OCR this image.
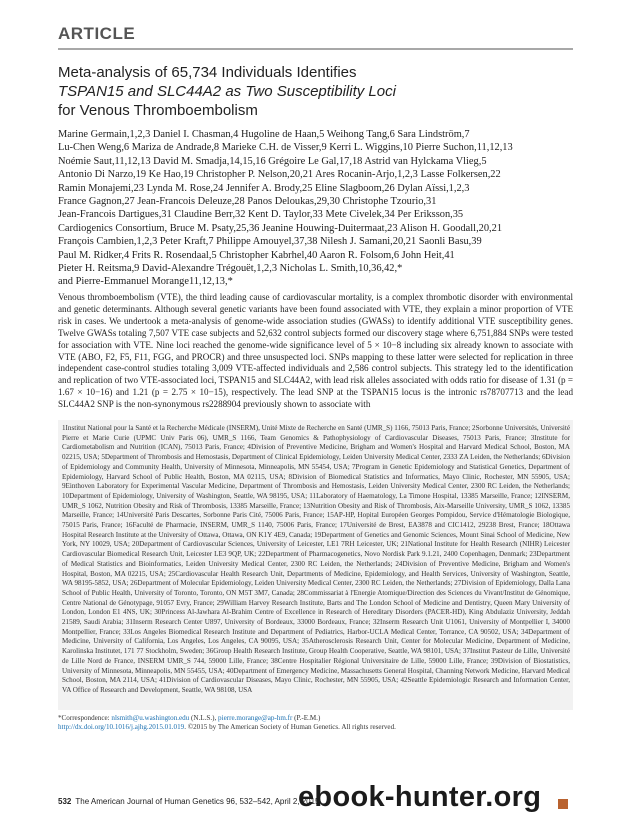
ARTICLE
Meta-analysis of 65,734 Individuals Identifies
TSPAN15 and SLC44A2 as Two Susceptibility Loci
for Venous Thromboembolism
Marine Germain,1,2,3 Daniel I. Chasman,4 Hugoline de Haan,5 Weihong Tang,6 Sara Lindström,7
Lu-Chen Weng,6 Mariza de Andrade,8 Marieke C.H. de Visser,9 Kerri L. Wiggins,10 Pierre Suchon,11,12,13
Noémie Saut,11,12,13 David M. Smadja,14,15,16 Grégoire Le Gal,17,18 Astrid van Hylckama Vlieg,5
Antonio Di Narzo,19 Ke Hao,19 Christopher P. Nelson,20,21 Ares Rocanin-Arjo,1,2,3 Lasse Folkersen,22
Ramin Monajemi,23 Lynda M. Rose,24 Jennifer A. Brody,25 Eline Slagboom,26 Dylan Aïssi,1,2,3
France Gagnon,27 Jean-Francois Deleuze,28 Panos Deloukas,29,30 Christophe Tzourio,31
Jean-Francois Dartigues,31 Claudine Berr,32 Kent D. Taylor,33 Mete Civelek,34 Per Eriksson,35
Cardiogenics Consortium, Bruce M. Psaty,25,36 Jeanine Houwing-Duitermaat,23 Alison H. Goodall,20,21
François Cambien,1,2,3 Peter Kraft,7 Philippe Amouyel,37,38 Nilesh J. Samani,20,21 Saonli Basu,39
Paul M. Ridker,4 Frits R. Rosendaal,5 Christopher Kabrhel,40 Aaron R. Folsom,6 John Heit,41
Pieter H. Reitsma,9 David-Alexandre Trégouët,1,2,3 Nicholas L. Smith,10,36,42,*
and Pierre-Emmanuel Morange11,12,13,*
Venous thromboembolism (VTE), the third leading cause of cardiovascular mortality, is a complex thrombotic disorder with environmental and genetic determinants. Although several genetic variants have been found associated with VTE, they explain a minor proportion of VTE risk in cases. We undertook a meta-analysis of genome-wide association studies (GWASs) to identify additional VTE susceptibility genes. Twelve GWASs totaling 7,507 VTE case subjects and 52,632 control subjects formed our discovery stage where 6,751,884 SNPs were tested for association with VTE. Nine loci reached the genome-wide significance level of 5 × 10−8 including six already known to associate with VTE (ABO, F2, F5, F11, FGG, and PROCR) and three unsuspected loci. SNPs mapping to these latter were selected for replication in three independent case-control studies totaling 3,009 VTE-affected individuals and 2,586 control subjects. This strategy led to the identification and replication of two VTE-associated loci, TSPAN15 and SLC44A2, with lead risk alleles associated with odds ratio for disease of 1.31 (p = 1.67 × 10−16) and 1.21 (p = 2.75 × 10−15), respectively. The lead SNP at the TSPAN15 locus is the intronic rs78707713 and the lead SLC44A2 SNP is the non-synonymous rs2288904 previously shown to associate with
1Institut National pour la Santé et la Recherche Médicale (INSERM), Unité Mixte de Recherche en Santé (UMR_S) 1166, 75013 Paris, France; 2Sorbonne Universités, Université Pierre et Marie Curie (UPMC Univ Paris 06), UMR_S 1166, Team Genomics & Pathophysiology of Cardiovascular Diseases, 75013 Paris, France; 3Institute for Cardiometabolism and Nutrition (ICAN), 75013 Paris, France; 4Division of Preventive Medicine, Brigham and Women's Hospital and Harvard Medical School, Boston, MA 02215, USA; 5Department of Thrombosis and Hemostasis, Department of Clinical Epidemiology, Leiden University Medical Center, 2333 ZA Leiden, the Netherlands; 6Division of Epidemiology and Community Health, University of Minnesota, Minneapolis, MN 55454, USA; 7Program in Genetic Epidemiology and Statistical Genetics, Department of Epidemiology, Harvard School of Public Health, Boston, MA 02115, USA; 8Division of Biomedical Statistics and Informatics, Mayo Clinic, Rochester, MN 55905, USA; 9Einthoven Laboratory for Experimental Vascular Medicine, Department of Thrombosis and Hemostasis, Leiden University Medical Center, 2300 RC Leiden, the Netherlands; 10Department of Epidemiology, University of Washington, Seattle, WA 98195, USA; 11Laboratory of Haematology, La Timone Hospital, 13385 Marseille, France; 12INSERM, UMR_S 1062, Nutrition Obesity and Risk of Thrombosis, 13385 Marseille, France; 13Nutrition Obesity and Risk of Thrombosis, Aix-Marseille University, UMR_S 1062, 13385 Marseille, France; 14Université Paris Descartes, Sorbonne Paris Cité, 75006 Paris, France; 15AP-HP, Hopital Européen Georges Pompidou, Service d'Hématologie Biologique, 75015 Paris, France; 16Faculté de Pharmacie, INSERM, UMR_S 1140, 75006 Paris, France; 17Université de Brest, EA3878 and CIC1412, 29238 Brest, France; 18Ottawa Hospital Research Institute at the University of Ottawa, Ottawa, ON K1Y 4E9, Canada; 19Department of Genetics and Genomic Sciences, Mount Sinai School of Medicine, New York, NY 10029, USA; 20Department of Cardiovascular Sciences, University of Leicester, LE1 7RH Leicester, UK; 21National Institute for Health Research (NIHR) Leicester Cardiovascular Biomedical Research Unit, Leicester LE3 9QP, UK; 22Department of Pharmacogenetics, Novo Nordisk Park 9.1.21, 2400 Copenhagen, Denmark; 23Department of Medical Statistics and Bioinformatics, Leiden University Medical Center, 2300 RC Leiden, the Netherlands; 24Division of Preventive Medicine, Brigham and Women's Hospital, Boston, MA 02215, USA; 25Cardiovascular Health Research Unit, Departments of Medicine, Epidemiology, and Health Services, University of Washington, Seattle, WA 98195-5852, USA; 26Department of Molecular Epidemiology, Leiden University Medical Center, 2300 RC Leiden, the Netherlands; 27Division of Epidemiology, Dalla Lana School of Public Health, University of Toronto, Toronto, ON M5T 3M7, Canada; 28Commissariat à l'Energie Atomique/Direction des Sciences du Vivant/Institut de Génomique, Centre National de Génotypage, 91057 Evry, France; 29William Harvey Research Institute, Barts and The London School of Medicine and Dentistry, Queen Mary University of London, London E1 4NS, UK; 30Princess Al-Jawhara Al-Brahim Centre of Excellence in Research of Hereditary Disorders (PACER-HD), King Abdulaziz University, Jeddah 21589, Saudi Arabia; 31Inserm Research Center U897, University of Bordeaux, 33000 Bordeaux, France; 32Inserm Research Unit U1061, University of Montpellier I, 34000 Montpellier, France; 33Los Angeles Biomedical Research Institute and Department of Pediatrics, Harbor-UCLA Medical Center, Torrance, CA 90502, USA; 34Department of Medicine, University of California, Los Angeles, Los Angeles, CA 90095, USA; 35Atherosclerosis Research Unit, Center for Molecular Medicine, Department of Medicine, Karolinska Institutet, 171 77 Stockholm, Sweden; 36Group Health Research Institute, Group Health Cooperative, Seattle, WA 98101, USA; 37Institut Pasteur de Lille, Université de Lille Nord de France, INSERM UMR_S 744, 59000 Lille, France; 38Centre Hospitalier Régional Universitaire de Lille, 59000 Lille, France; 39Division of Biostatistics, University of Minnesota, Minneapolis, MN 55455, USA; 40Department of Emergency Medicine, Massachusetts General Hospital, Channing Network Medicine, Harvard Medical School, Boston, MA 2114, USA; 41Division of Cardiovascular Diseases, Mayo Clinic, Rochester, MN 55905, USA; 42Seattle Epidemiologic Research and Information Center, VA Office of Research and Development, Seattle, WA 98108, USA
*Correspondence: nlsmith@u.washington.edu (N.L.S.), pierre.morange@ap-hm.fr (P.-E.M.)
http://dx.doi.org/10.1016/j.ajhg.2015.01.019. ©2015 by The American Society of Human Genetics. All rights reserved.
532 The American Journal of Human Genetics 96, 532–542, April 2, 2015
ebook-hunter.org
